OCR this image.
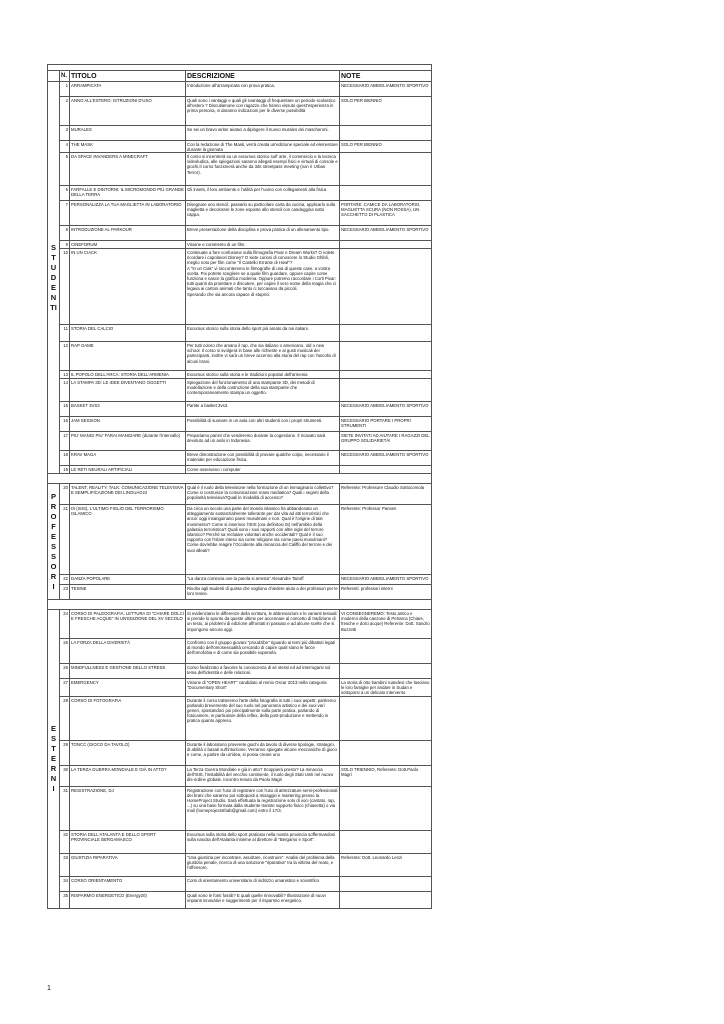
	N.	TITOLO	DESCRIZIONE	NOTE

STUDENTI	1	ARRAMPICATA	Introduzione all'arrampicata con prova pratica.	NECESSARIO ABBIGLIAMENTO SPORTIVO
	2	ANNO ALL'ESTERO: ISTRUZIONI D'USO	Quali sono i vantaggi e quali gli svantaggi di frequentare un periodo scolastico all'estero ? Discutiamone con ragazze che hanno vissuto quest'esperienza in prima persona, vi daranno indicazioni per le diverse possibilità	SOLO PER BIENNIO
	3	MURALES	Se sei un bravo writer aiutaci a dipingere il nuovo murales dei mascheroni.	
	4	THE MASK	Con la redazione di The Mask, verrà creata un'edizione speciale ed elementare durante la giornata	SOLO PER BIENNIO
	5	DA SPACE INVANDERS A MINECRAFT	Il corso si incentrerà su un excursus storico sull' arte, il commercio e la tecnica videoludica, alle spiegazioni saranno allegati esempi fisici e virtuali di console e giochi.Il corso funzionerà anche da 3ds streetpass meeting (non è Urban Terror).	
	6	FARFALLE E DINTORNI: IL MICROMONDO PIÙ GRANDE DELLA TERRA	Gli insetti, il loro ambiente e l'utilità per l'uomo con collegamenti alla fisica	
	7	PERSONALIZZA LA TUA MAGLIETTA IN LABORATORIO	Disegnare uno stencil, passarlo su particolare carta da cucina, applicarlo sulla maglietta e decolorare le zone esposte allo stencil con candeggina sotto cappa.	PORTARE: CAMICE DA LABORATORIO, MAGLIETTA SCURA (NON ROSSA), UN SACCHETTO DI PLASTICA
	8	INTRODUZIONE AL PARKOUR	Breve presentazione della disciplina e prova pratica di un allenamento tipo.	NECESSARIO ABBIGLIAMENTO SPORTIVO
	9	CINEFORUM	Visione e commento di un film.	
	10	IN UN CIACK	Continuate a fare confusione sulla filmografia Pixar e Dream Works? O volete ricordare i capolavori Disney? O siete curiosi di conoscere lo Studio Ghibli, meglio noto per film come "Il Castello Errante di Howl"?
A "In un Ciak" vi racconteremo le filmografie di una di queste case, a vostra scelta. Poi potrete scegliere se a quale film guardare, oppure capire come funziona e nasce la grafica moderna. Oppure potremo raccontare i Corti Pixar: tutti quanti da proiettare e discutere, per capire il vero nome della magia che ci legava ai cartoni animati che tanto ci toccavano da piccoli.
Sperando che sia ancora capace di stupirci.	
	11	STORIA DEL CALCIO	Excursus storico sulla storia dello sport più amato da noi italiani.	
	12	RAP GAME	Per tutti coloro che amano il rap, che sia italiano o americano, old o new school. Il corso si svolgerà in base alle richieste e ai gusti musicali dei partecipanti, inoltre vi sarà un breve accenno alla storia del rap con l'ascolto di alcuni brani.	
	13	IL POPOLO DELL'ARCA: STORIA DELL'ARMENIA	Excursus storico sulla storia e le tradizioni popolari dell'armenia	
	14	LA STAMPA 3D: LE IDEE DIVENTANO OGGETTI	Spiegazione del funzionamento di una stampante 3D, dei metodi di modellazione e della costruzione della sua stampante che contemporaneamente stampa un oggetto.	
	15	BASKET 3VS3	Partite a basket 3vs3.	NECESSARIO ABBIGLIAMENTO SPORTIVO
	16	JAM SESSION	Possibilità di suonare in un aula con altri studenti con i propri strumenti.	NECESSARIO PORTARE I PROPRI STRUMENTI
	17	PIU' MANGI PIU' FARAI MANGIARE (durante l'intervallo)	Prepariamo panini che venderemo durante la cogestione. Il ricavato sarà devoluto ad un asilo in Indonesia.	SIETE INVITATI AD AIUTARE I RAGAZZI DEL GRUPPO SOLIDARIETÀ!
	18	KRAV MAGA	Breve dimostrazione con possibilità di provare qualche colpo, necessario il materiale per educazione fisica.	NECESSARIO ABBIGLIAMENTO SPORTIVO
	19	LE RETI NEURALI ARTIFICIALI	Come osservano i computer	

PROFESSORI	20	TALENT, REALITY, TALK: COMUNICAZIONE TELEVISIVA E SEMPLIFICAZIONE DEI LINGUAGGI	Qual è il ruolo della televisione nella formazione di un immaginario collettivo? Come si costruisce la comunicazione mass mediatica? Quali i segreti della popolarità televisiva?Quali le modalità di accesso?	Referente: Professore Claudio Sottocornola
	21	IS (ISIS), L'ULTIMO FIGLIO DEL TERRORISMO ISLAMICO	Da circa un secolo una parte del mondo islamico ha abbandonato un atteggiamento sostanzialmente tollerante per dar vita ad atti terroristici che ancor oggi insanguinano paesi musulmani e non. Qual è l'origine di tale movimento? Come si inserisce l'ISIS (ora definitosi IS) nell'ambito della galassia terroristica? Quali sono i suoi rapporti con altre sigle del terrore islamico? Perché sa reclutare volontari anche occidentali? Qual è il suo rapporto con l'Islam inteso sia come religione sia come paesi musulmani? Come dovrebbe reagire l'Occidente alla minaccia del Califfo del terrore e dei suoi alleati?	Referente: Professor Pansen
	22	DANZA POPOLARE	"La danza comincia ove la parola si arresta" Alexandre Tairoff	NECESSARIO ABBIGLIAMENTO SPORTIVO
	23	TESINE	Rivolto agli studenti di quinta che vogliono chiedere aiuto a dei professori per le loro tesine.	Referenti: professori interni

ESTERNI	24	CORSO DI PALEOGRAFIA: LETTURA DI "CHIARE DOLCI E FRESCHE ACQUE" IN UN'EDIZIONE DEL XV SECOLO	Si evidenziano le differenze della scrittura, le abbreviazioni e le varianti testuali: si prende lo spunto da queste ultime per accennare al concetto di tradizione di un testo, ai problemi di edizione affrontati in passato e ad alcune scelte che si impongono ancora oggi.	VI CONSEGNEREMO: Testo antico e moderno della canzone di Petrarca (Chiare, fresche e dolci acque) Referente: Dott. Sandro Buzzetti
	25	LA FORZA DELLA DIVERSITÀ	Confronto con il gruppo giovani "proudzibe" riguardo ai temi più dibattuti legati al mondo dell'omosessualità cercando di capire quali siano le facce dell'omofobia e di come sia possibile superarla.	
	26	MINDFULLNESS E GESTIONE DELLO STRESS	Corso finalizzato a favorire la conoscenza di sé stessi ed ad interrogarsi sul tema dell'identità e delle relazioni.	
	27	EMERGENCY	Visione di "OPEN HEART" candidato al remio Oscar 2013 nella categoria "Documentary Short"	La storia di otto bambini ruandesi che lasciano le loro famiglie per andare in Sudan e sottoporsi a un delicato intervento
	28	CORSO DI FOTOGRAFIA	Durante il corso tratteremo l'arte della fotografia in tutti i suoi aspetti: partiremo parlando brevemente del suo ruolo nel panorama artistico e dei suoi vari generi, spostandoci poi principalmente sulla parte pratica, parlando di fotocamere, in particolare della reflex, della post-produzione e mettendo in pratica quanto appreso.	
	29	TONCC (GIOCO DA TAVOLO)	Durante il laboratorio proverete giochi da tavolo di diverse tipologie, strategici, di abilità o basati sull'intuizione. Verranno spiegate alcune meccaniche di gioco e come, a partire da un'idea, si possa creare uno	
	30	LA TERZA GUERRA MONDIALE E GIÀ IN ATTO?	La Terza Guerra Mondiale e già in atto? Scoppierà presto? La minaccia dell'ISIS, l'instabilità del vecchio continente, il ruolo degli Stati Uniti nel nuovo dis-ordine globale. Incontro tenuto da Paolo Magri	SOLO TRIENNIO, Referente: Dott.Paolo Magri
	31	REGISTRAZIONE, DJ	Registrazione con l'uso di registrare con l'uso di attrezzature semi-professionali dei brani che saranno poi sottoposti a mixaggio e mastering presso la HomeProject Studio. Sarà effettuata la registrazione solo di voci (cantato, rap, ...) su una base formata dalla studente tramite supporto fisico (chiavetta) o via mail (homeprojectsthab@gmail.com) entro il 17/3.	
	32	STORIA DELL'ATALANTA E DELLO SPORT PROVINCIALE BERGAMASCO	Excursus sulla storia dello sport praticato nella nostra provincia soffermandosi sulla nascita dell'Atalanta insieme al direttore di "Bergamo e Sport".	
	33	GIUSTIZIA RIPARATIVA	"Una giustizia per incontrare, ascoltare, ricostruire". Analisi del problema della giustizia penale, ricerca di una soluzione "riparativa" tra la vittima del reato, e l'offensore.	Referente: Dott. Leonardo Lenzi
	34	CORSO ORIENTAMENTO	Corsi di orientamento universitario di indirizzo umanistico e scientifico	
	35	RISPARMIO ENERGETICO (Energy20)	Quali sono le fonti fossili? E quali quelle rinnovabili? Illustrazione di nuovi impianti innovativi e suggerimenti per il risparmio energetico.	
1
